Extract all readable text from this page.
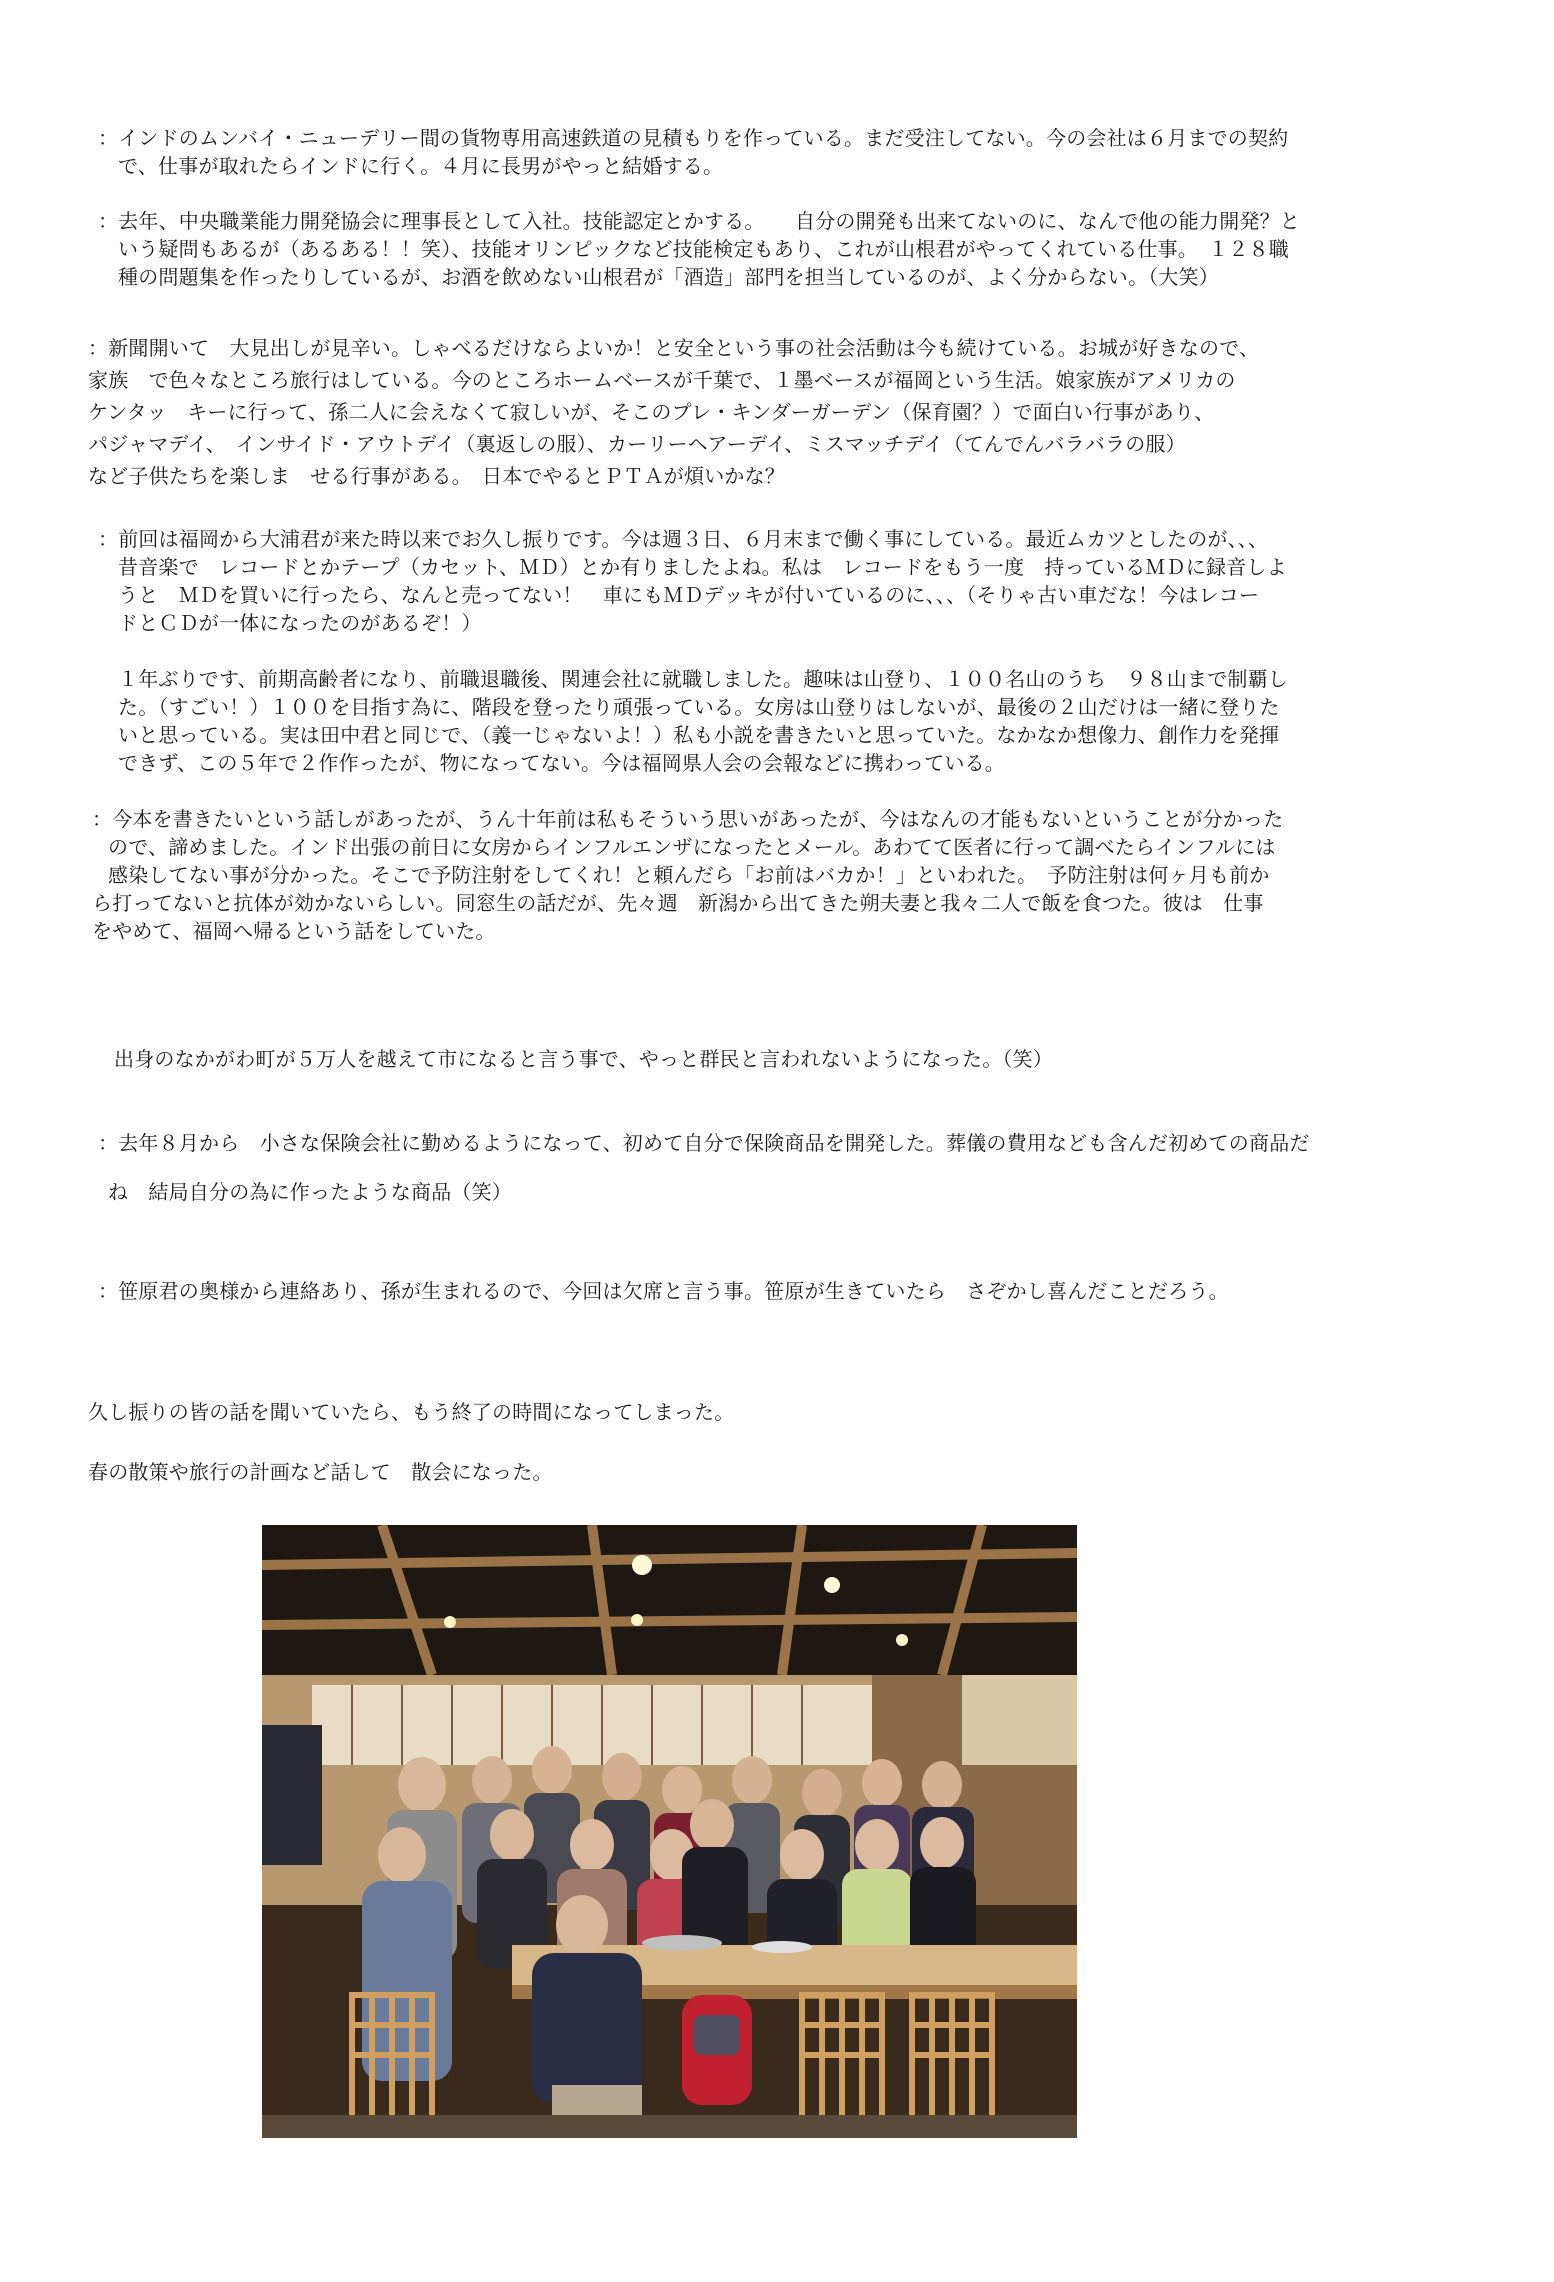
：インドのムンバイ・ニューデリー間の貨物専用高速鉄道の見積もりを作っている。まだ受注してない。今の会社は６月までの契約
で、仕事が取れたらインドに行く。４月に長男がやっと結婚する。
：去年、中央職業能力開発協会に理事長として入社。技能認定とかする。　　自分の開発も出来てないのに、なんで他の能力開発？と
いう疑問もあるが（あるある！！笑）、技能オリンピックなど技能検定もあり、これが山根君がやってくれている仕事。　１２８職
種の問題集を作ったりしているが、お酒を飲めない山根君が「酒造」部門を担当しているのが、よく分からない。（大笑）
：新聞開いて　大見出しが見辛い。しゃべるだけならよいか！と安全という事の社会活動は今も続けている。お城が好きなので、
家族　で色々なところ旅行はしている。今のところホームベースが千葉で、１墨ベースが福岡という生活。娘家族がアメリカの
ケンタッ　キーに行って、孫二人に会えなくて寂しいが、そこのプレ・キンダーガーデン（保育園？）で面白い行事があり、
パジャマデイ、　インサイド・アウトデイ（裏返しの服）、カーリーヘアーデイ、ミスマッチデイ（てんでんバラバラの服）
など子供たちを楽しま　せる行事がある。　日本でやるとＰＴＡが煩いかな？
：前回は福岡から大浦君が来た時以来でお久し振りです。今は週３日、６月末まで働く事にしている。最近ムカツとしたのが、、、
昔音楽で　レコードとかテープ（カセット、ＭＤ）とか有りましたよね。私は　レコードをもう一度　持っているＭＤに録音しよ
うと　ＭＤを買いに行ったら、なんと売ってない！　車にもＭＤデッキが付いているのに、、、（そりゃ古い車だな！今はレコー
ドとＣＤが一体になったのがあるぞ！）
１年ぶりです、前期高齢者になり、前職退職後、関連会社に就職しました。趣味は山登り、１００名山のうち　９８山まで制覇し
た。（すごい！）１００を目指す為に、階段を登ったり頑張っている。女房は山登りはしないが、最後の２山だけは一緒に登りた
いと思っている。実は田中君と同じで、（義一じゃないよ！）私も小説を書きたいと思っていた。なかなか想像力、創作力を発揮
できず、この５年で２作作ったが、物になってない。今は福岡県人会の会報などに携わっている。
：今本を書きたいという話しがあったが、うん十年前は私もそういう思いがあったが、今はなんの才能もないということが分かった
ので、諦めました。インド出張の前日に女房からインフルエンザになったとメール。あわてて医者に行って調べたらインフルには
感染してない事が分かった。そこで予防注射をしてくれ！と頼んだら「お前はバカか！」といわれた。　予防注射は何ヶ月も前か
ら打ってないと抗体が効かないらしい。同窓生の話だが、先々週　新潟から出てきた朔夫妻と我々二人で飯を食つた。彼は　仕事
をやめて、福岡へ帰るという話をしていた。
出身のなかがわ町が５万人を越えて市になると言う事で、やっと群民と言われないようになった。（笑）
：去年８月から　小さな保険会社に勤めるようになって、初めて自分で保険商品を開発した。葬儀の費用なども含んだ初めての商品だ
ね　結局自分の為に作ったような商品（笑）
：笹原君の奥様から連絡あり、孫が生まれるので、今回は欠席と言う事。笹原が生きていたら　さぞかし喜んだことだろう。
久し振りの皆の話を聞いていたら、もう終了の時間になってしまった。
春の散策や旅行の計画など話して　散会になった。
